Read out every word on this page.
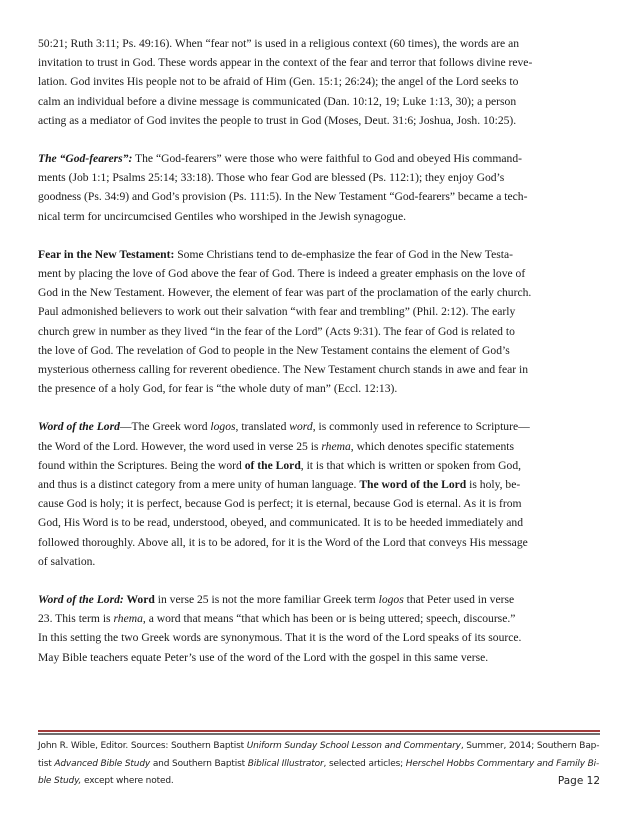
50:21; Ruth 3:11; Ps. 49:16). When “fear not” is used in a religious context (60 times), the words are an
invitation to trust in God. These words appear in the context of the fear and terror that follows divine reve-
lation. God invites His people not to be afraid of Him (Gen. 15:1; 26:24); the angel of the Lord seeks to
calm an individual before a divine message is communicated (Dan. 10:12, 19; Luke 1:13, 30); a person
acting as a mediator of God invites the people to trust in God (Moses, Deut. 31:6; Joshua, Josh. 10:25).

The “God-fearers”: The “God-fearers” were those who were faithful to God and obeyed His command-
ments (Job 1:1; Psalms 25:14; 33:18). Those who fear God are blessed (Ps. 112:1); they enjoy God’s
goodness (Ps. 34:9) and God’s provision (Ps. 111:5). In the New Testament “God-fearers” became a tech-
nical term for uncircumcised Gentiles who worshiped in the Jewish synagogue.

Fear in the New Testament: Some Christians tend to de-emphasize the fear of God in the New Testa-
ment by placing the love of God above the fear of God. There is indeed a greater emphasis on the love of
God in the New Testament. However, the element of fear was part of the proclamation of the early church.
Paul admonished believers to work out their salvation “with fear and trembling” (Phil. 2:12). The early
church grew in number as they lived “in the fear of the Lord” (Acts 9:31). The fear of God is related to
the love of God. The revelation of God to people in the New Testament contains the element of God’s
mysterious otherness calling for reverent obedience. The New Testament church stands in awe and fear in
the presence of a holy God, for fear is “the whole duty of man” (Eccl. 12:13).

Word of the Lord—The Greek word logos, translated word, is commonly used in reference to Scripture—
the Word of the Lord. However, the word used in verse 25 is rhema, which denotes specific statements
found within the Scriptures. Being the word of the Lord, it is that which is written or spoken from God,
and thus is a distinct category from a mere unity of human language. The word of the Lord is holy, be-
cause God is holy; it is perfect, because God is perfect; it is eternal, because God is eternal. As it is from
God, His Word is to be read, understood, obeyed, and communicated. It is to be heeded immediately and
followed thoroughly. Above all, it is to be adored, for it is the Word of the Lord that conveys His message
of salvation.

Word of the Lord: Word in verse 25 is not the more familiar Greek term logos that Peter used in verse
23. This term is rhema, a word that means “that which has been or is being uttered; speech, discourse.”
In this setting the two Greek words are synonymous. That it is the word of the Lord speaks of its source.
May Bible teachers equate Peter’s use of the word of the Lord with the gospel in this same verse.

John R. Wible, Editor. Sources: Southern Baptist Uniform Sunday School Lesson and Commentary, Summer, 2014; Southern Bap-
tist Advanced Bible Study and Southern Baptist Biblical Illustrator, selected articles; Herschel Hobbs Commentary and Family Bi-
ble Study, except where noted.	Page 12
